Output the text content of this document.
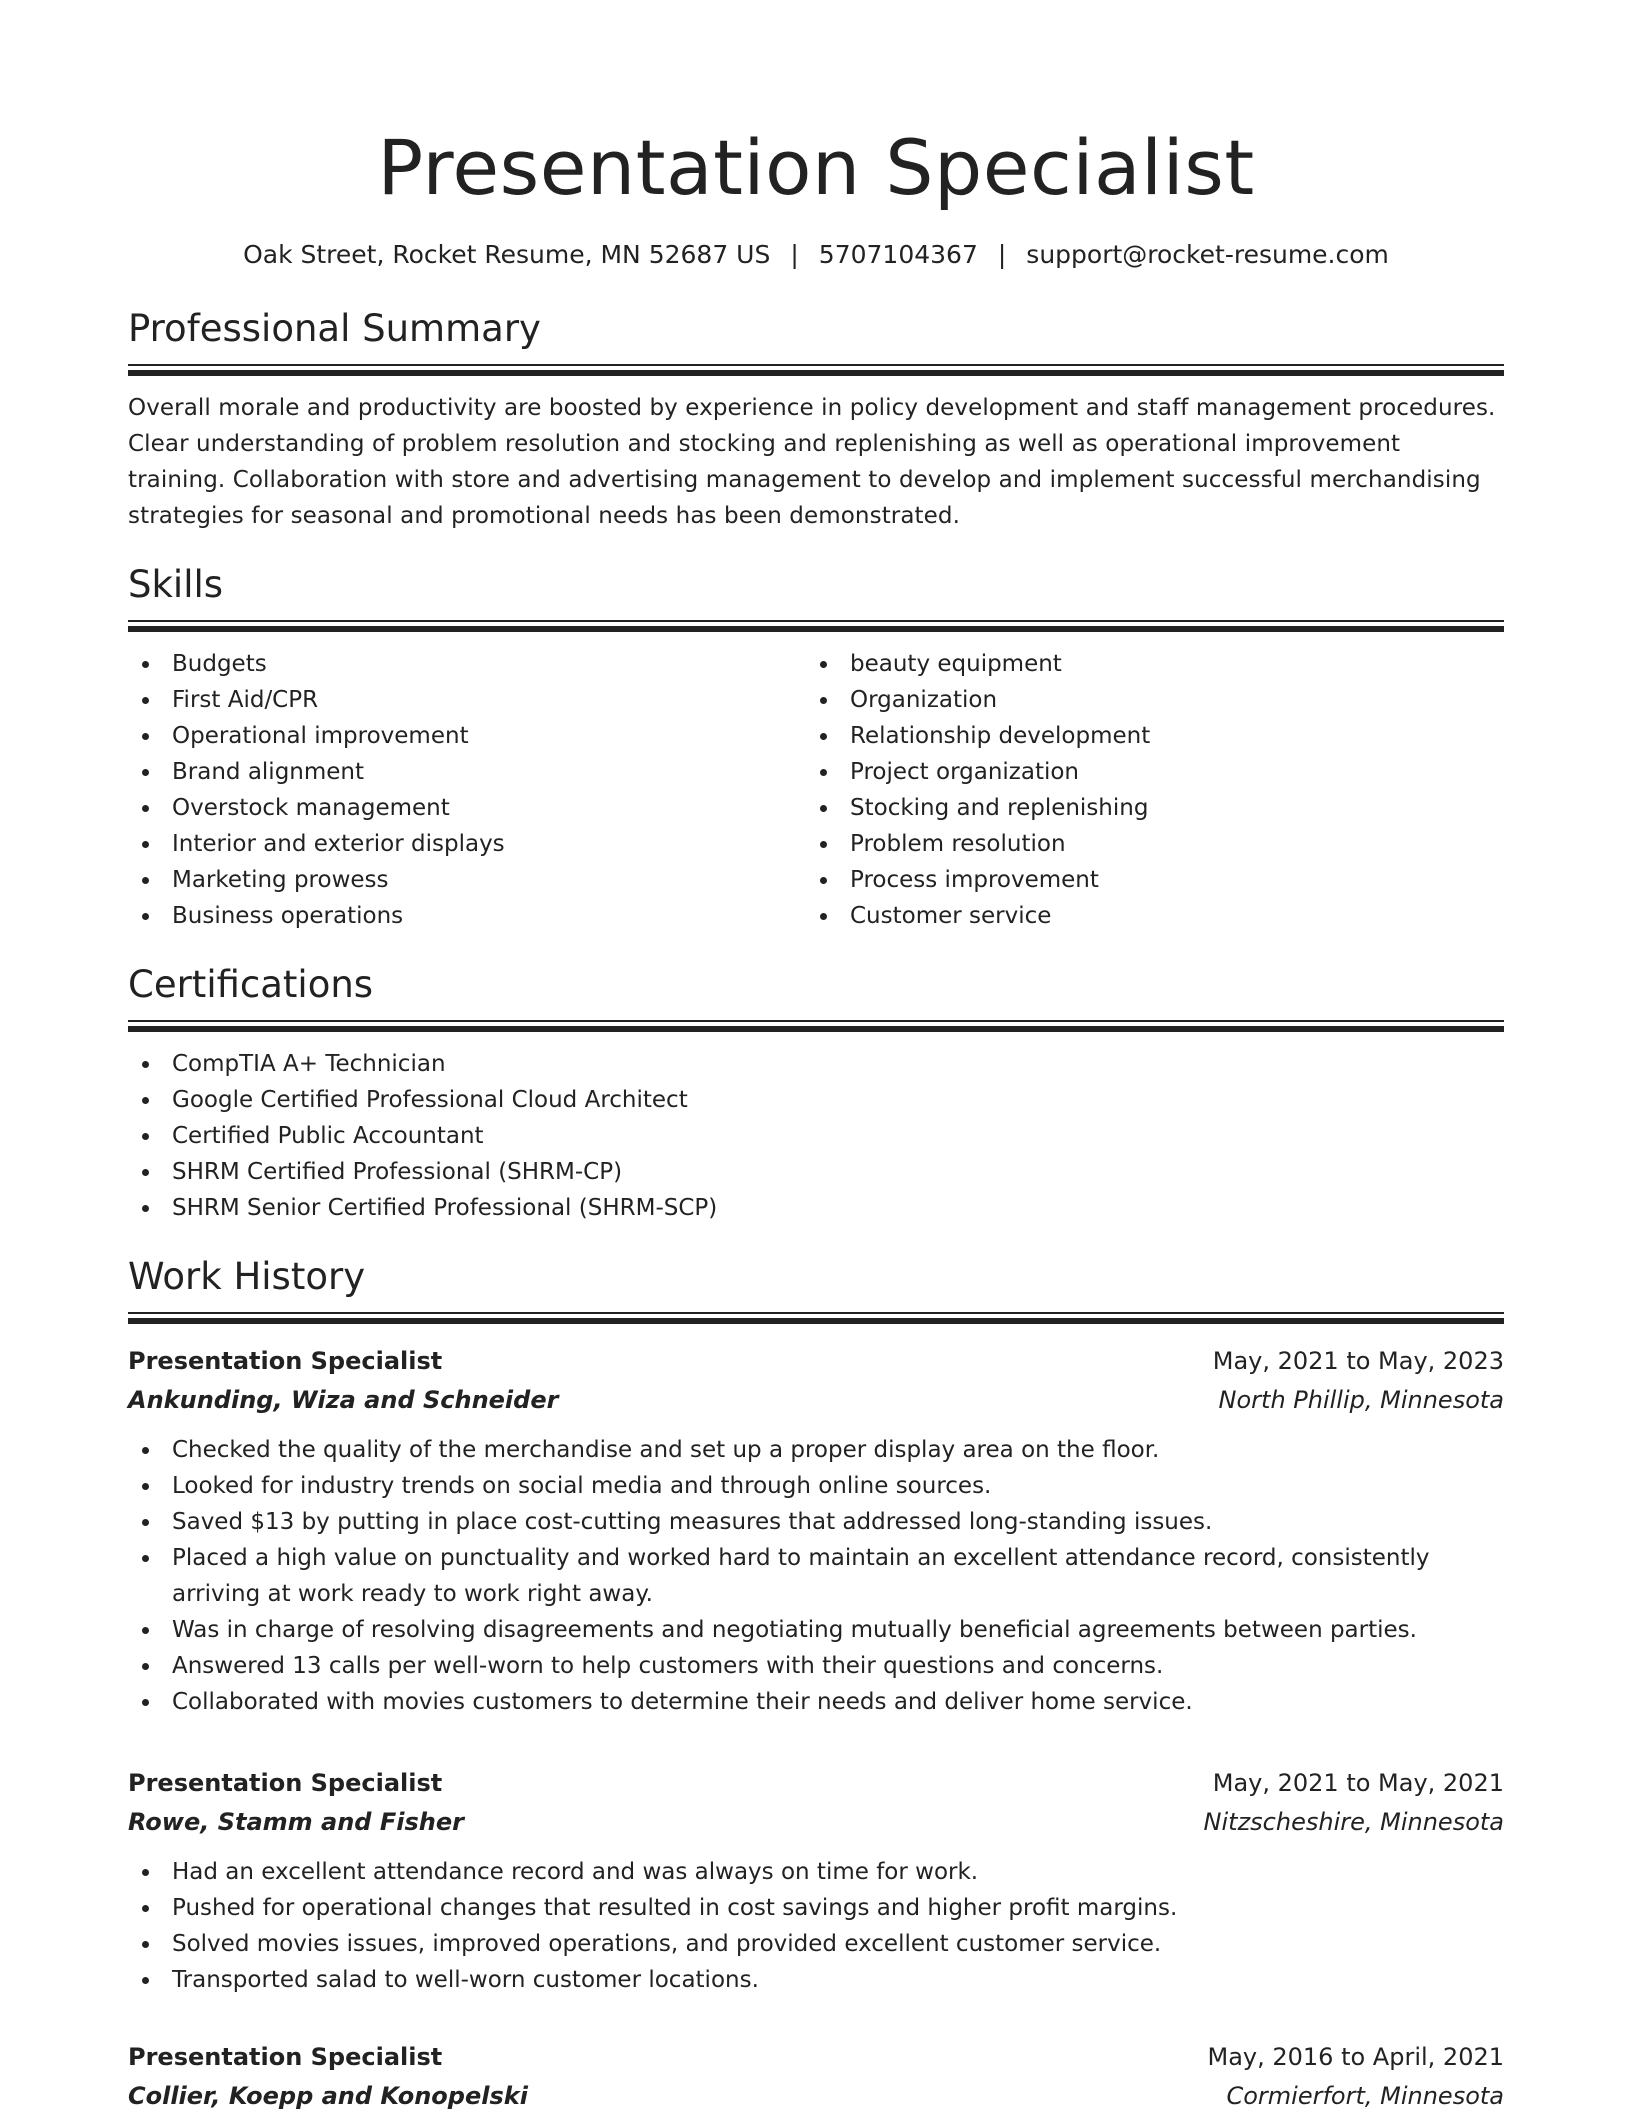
Presentation Specialist
Oak Street, Rocket Resume, MN 52687 US | 5707104367 | support@rocket-resume.com
Professional Summary
Overall morale and productivity are boosted by experience in policy development and staff management procedures. Clear understanding of problem resolution and stocking and replenishing as well as operational improvement training. Collaboration with store and advertising management to develop and implement successful merchandising strategies for seasonal and promotional needs has been demonstrated.
Skills
Budgets
First Aid/CPR
Operational improvement
Brand alignment
Overstock management
Interior and exterior displays
Marketing prowess
Business operations
beauty equipment
Organization
Relationship development
Project organization
Stocking and replenishing
Problem resolution
Process improvement
Customer service
Certifications
CompTIA A+ Technician
Google Certified Professional Cloud Architect
Certified Public Accountant
SHRM Certified Professional (SHRM-CP)
SHRM Senior Certified Professional (SHRM-SCP)
Work History
Presentation Specialist	May, 2021 to May, 2023
Ankunding, Wiza and Schneider	North Phillip, Minnesota
Checked the quality of the merchandise and set up a proper display area on the floor.
Looked for industry trends on social media and through online sources.
Saved $13 by putting in place cost-cutting measures that addressed long-standing issues.
Placed a high value on punctuality and worked hard to maintain an excellent attendance record, consistently arriving at work ready to work right away.
Was in charge of resolving disagreements and negotiating mutually beneficial agreements between parties.
Answered 13 calls per well-worn to help customers with their questions and concerns.
Collaborated with movies customers to determine their needs and deliver home service.
Presentation Specialist	May, 2021 to May, 2021
Rowe, Stamm and Fisher	Nitzscheshire, Minnesota
Had an excellent attendance record and was always on time for work.
Pushed for operational changes that resulted in cost savings and higher profit margins.
Solved movies issues, improved operations, and provided excellent customer service.
Transported salad to well-worn customer locations.
Presentation Specialist	May, 2016 to April, 2021
Collier, Koepp and Konopelski	Cormierfort, Minnesota
